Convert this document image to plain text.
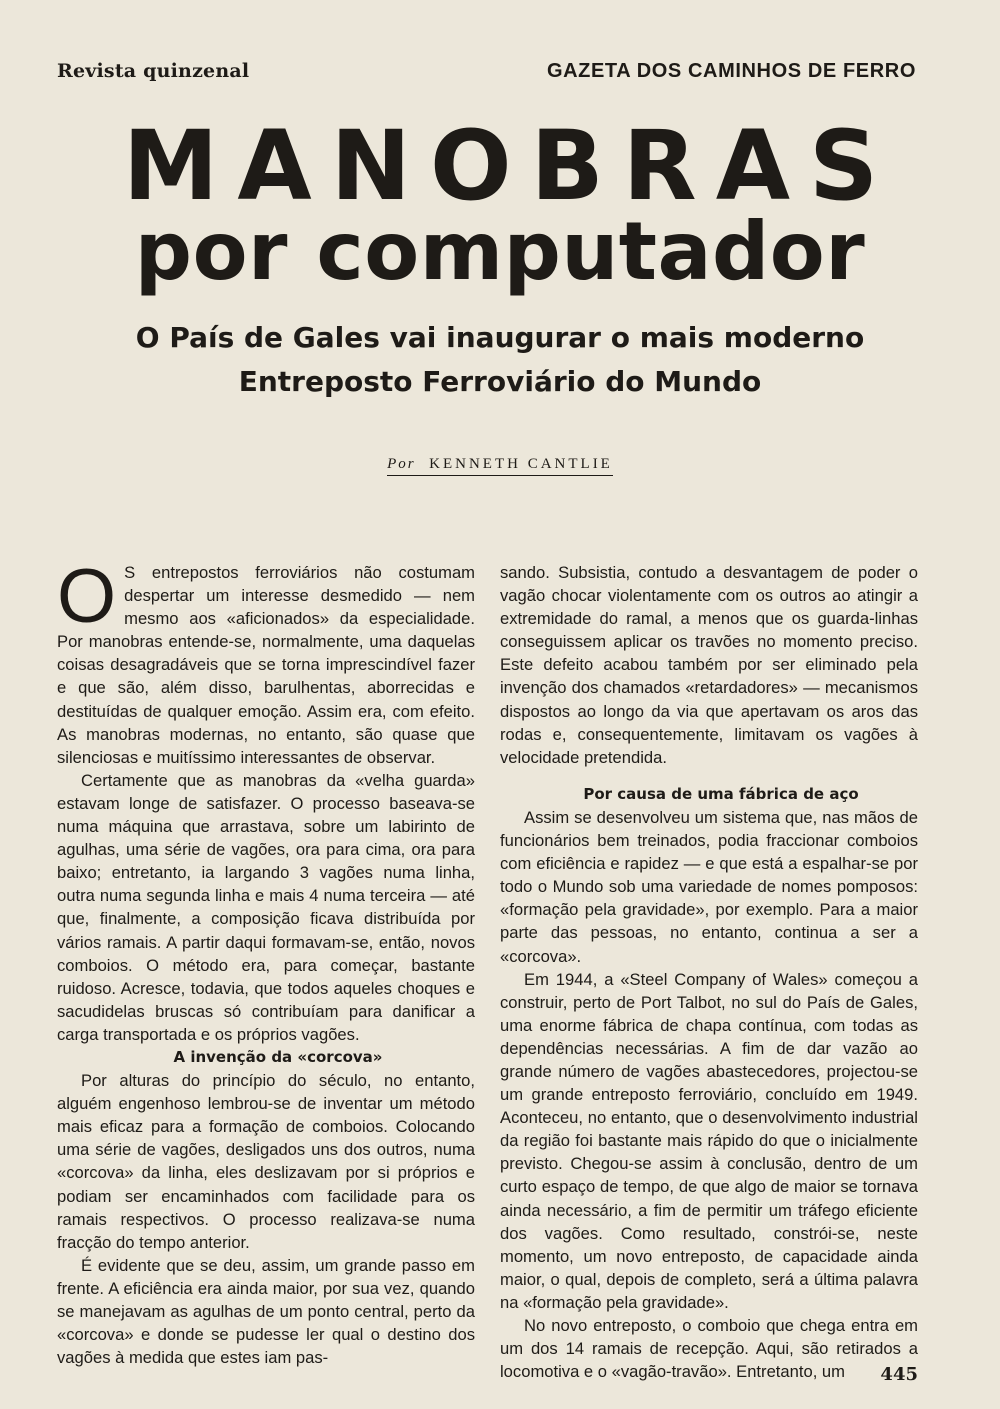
Revista quinzenal	GAZETA DOS CAMINHOS DE FERRO
MANOBRAS
por computador
O País de Gales vai inaugurar o mais moderno
Entreposto Ferroviário do Mundo
Por KENNETH CANTLIE

O S entrepostos ferroviários não costumam despertar um interesse desmedido — nem mesmo aos «aficionados» da especialidade. Por manobras entende-se, normalmente, uma daquelas coisas desagradáveis que se torna imprescindível fazer e que são, além disso, barulhentas, aborrecidas e destituídas de qualquer emoção. Assim era, com efeito. As manobras modernas, no entanto, são quase que silenciosas e muitíssimo interessantes de observar.

Certamente que as manobras da «velha guarda» estavam longe de satisfazer. O processo baseava-se numa máquina que arrastava, sobre um labirinto de agulhas, uma série de vagões, ora para cima, ora para baixo; entretanto, ia largando 3 vagões numa linha, outra numa segunda linha e mais 4 numa terceira — até que, finalmente, a composição ficava distribuída por vários ramais. A partir daqui formavam-se, então, novos comboios. O método era, para começar, bastante ruidoso. Acresce, todavia, que todos aqueles choques e sacudidelas bruscas só contribuíam para danificar a carga transportada e os próprios vagões.

A invenção da «corcova»

Por alturas do princípio do século, no entanto, alguém engenhoso lembrou-se de inventar um método mais eficaz para a formação de comboios. Colocando uma série de vagões, desligados uns dos outros, numa «corcova» da linha, eles deslizavam por si próprios e podiam ser encaminhados com facilidade para os ramais respectivos. O processo realizava-se numa fracção do tempo anterior.

É evidente que se deu, assim, um grande passo em frente. A eficiência era ainda maior, por sua vez, quando se manejavam as agulhas de um ponto central, perto da «corcova» e donde se pudesse ler qual o destino dos vagões à medida que estes iam pas-

sando. Subsistia, contudo a desvantagem de poder o vagão chocar violentamente com os outros ao atingir a extremidade do ramal, a menos que os guarda-linhas conseguissem aplicar os travões no momento preciso. Este defeito acabou também por ser eliminado pela invenção dos chamados «retardadores» — mecanismos dispostos ao longo da via que apertavam os aros das rodas e, consequentemente, limitavam os vagões à velocidade pretendida.

Por causa de uma fábrica de aço

Assim se desenvolveu um sistema que, nas mãos de funcionários bem treinados, podia fraccionar comboios com eficiência e rapidez — e que está a espalhar-se por todo o Mundo sob uma variedade de nomes pomposos: «formação pela gravidade», por exemplo. Para a maior parte das pessoas, no entanto, continua a ser a «corcova».

Em 1944, a «Steel Company of Wales» começou a construir, perto de Port Talbot, no sul do País de Gales, uma enorme fábrica de chapa contínua, com todas as dependências necessárias. A fim de dar vazão ao grande número de vagões abastecedores, projectou-se um grande entreposto ferroviário, concluído em 1949. Aconteceu, no entanto, que o desenvolvimento industrial da região foi bastante mais rápido do que o inicialmente previsto. Chegou-se assim à conclusão, dentro de um curto espaço de tempo, de que algo de maior se tornava ainda necessário, a fim de permitir um tráfego eficiente dos vagões. Como resultado, constrói-se, neste momento, um novo entreposto, de capacidade ainda maior, o qual, depois de completo, será a última palavra na «formação pela gravidade».

No novo entreposto, o comboio que chega entra em um dos 14 ramais de recepção. Aqui, são retirados a locomotiva e o «vagão-travão». Entretanto, um	445
